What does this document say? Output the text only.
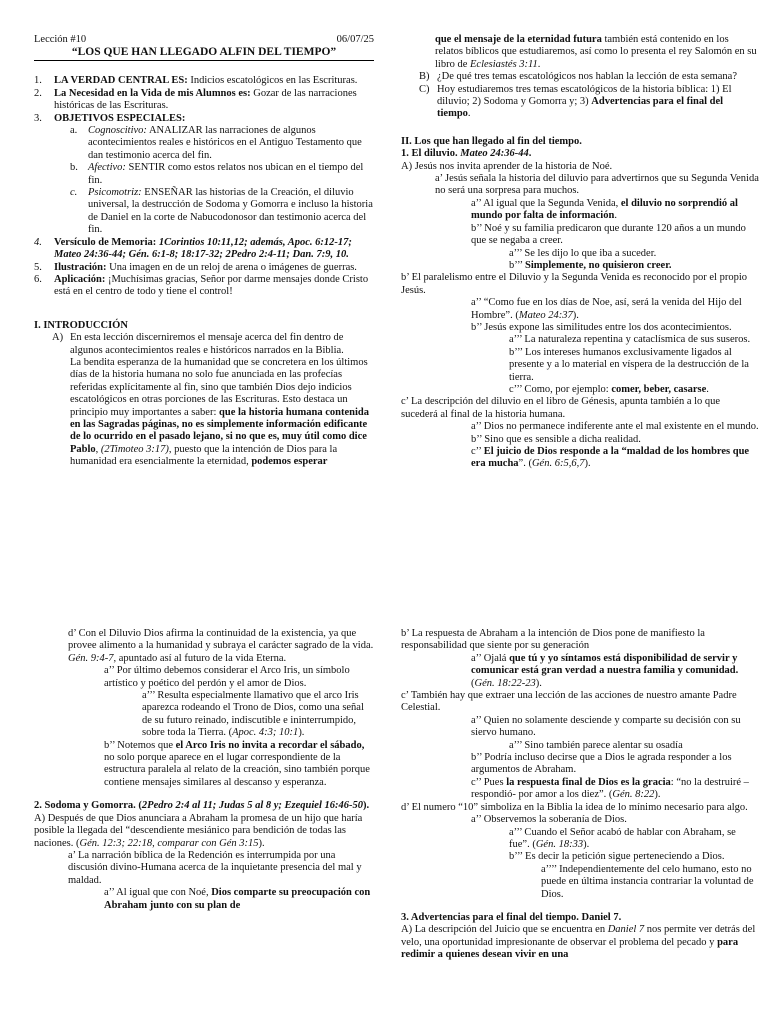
Lección #10	06/07/25
“LOS QUE HAN LLEGADO ALFIN DEL TIEMPO”
1.	LA VERDAD CENTRAL ES: Indicios escatológicos en las Escrituras.
2.	La Necesidad en la Vida de mis Alumnos es: Gozar de las narraciones históricas de las Escrituras.
3.	OBJETIVOS ESPECIALES:
a.	Cognoscitivo: ANALIZAR las narraciones de algunos acontecimientos reales e históricos en el Antiguo Testamento que dan testimonio acerca del fin.
b. Afectivo: SENTIR como estos relatos nos ubican en el tiempo del fin.
c.	Psicomotriz: ENSEÑAR las historias de la Creación, el diluvio universal, la destrucción de Sodoma y Gomorra e incluso la historia de Daniel en la corte de Nabucodonosor dan testimonio acerca del fin.
4.	Versículo de Memoria: 1Corintios 10:11,12; además, Apoc. 6:12-17; Mateo 24:36-44; Gén. 6:1-8; 18:17-32; 2Pedro 2:4-11; Dan. 7:9, 10.
5.	Ilustración: Una imagen en de un reloj de arena o imágenes de guerras.
6.	Aplicación: ¡Muchísimas gracias, Señor por darme mensajes donde Cristo está en el centro de todo y tiene el control!
I. INTRODUCCIÓN
A) En esta lección discerniremos el mensaje acerca del fin dentro de algunos acontecimientos reales e históricos narrados en la Biblia.
La bendita esperanza de la humanidad que se concretera en los últimos días de la historia humana no solo fue anunciada en las profecías referidas explícitamente al fin, sino que también Dios dejo indicios escatológicos en otras porciones de las Escrituras. Esto destaca un principio muy importantes a saber: que la historia humana contenida en las Sagradas páginas, no es simplemente información edificante de lo ocurrido en el pasado lejano, si no que es, muy útil como dice Pablo, (2Timoteo 3:17), puesto que la intención de Dios para la humanidad era esencialmente la eternidad, podemos esperar
que el mensaje de la eternidad futura también está contenido en los relatos bíblicos que estudiaremos, así como lo presenta el rey Salomón en su libro de Eclesiastés 3:11.
B) ¿De qué tres temas escatológicos nos hablan la lección de esta semana?
C) Hoy estudiaremos tres temas escatológicos de la historia bíblica: 1) El diluvio; 2) Sodoma y Gomorra y; 3) Advertencias para el final del tiempo.
II. Los que han llegado al fin del tiempo.
1. El diluvio. Mateo 24:36-44.
A) Jesús nos invita aprender de la historia de Noé.
a’ Jesús señala la historia del diluvio para advertirnos que su Segunda Venida no será una sorpresa para muchos.
a’’ Al igual que la Segunda Venida, el diluvio no sorprendió al mundo por falta de información.
b’’ Noé y su familia predicaron que durante 120 años a un mundo que se negaba a creer.
a’’’ Se les dijo lo que iba a suceder.
b’’’ Simplemente, no quisieron creer.
b’ El paralelismo entre el Diluvio y la Segunda Venida es reconocido por el propio Jesús.
a’’ “Como fue en los días de Noe, así, será la venida del Hijo del Hombre”. (Mateo 24:37).
b’’ Jesús expone las similitudes entre los dos acontecimientos.
a’’’ La naturaleza repentina y cataclísmica de sus suseros.
b’’’ Los intereses humanos exclusivamente ligados al presente y a lo material en víspera de la destrucción de la tierra.
c’’’ Como, por ejemplo: comer, beber, casarse.
c’ La descripción del diluvio en el libro de Génesis, apunta también a lo que sucederá al final de la historia humana.
a’’ Dios no permanece indiferente ante el mal existente en el mundo.
b’’ Sino que es sensible a dicha realidad.
c’’ El juicio de Dios responde a la “maldad de los hombres que era mucha”. (Gén. 6:5,6,7).
d’ Con el Diluvio Dios afirma la continuidad de la existencia, ya que provee alimento a la humanidad y subraya el carácter sagrado de la vida. Gén. 9:4-7, apuntado así al futuro de la vida Eterna.
a’’ Por último debemos considerar el Arco Iris, un símbolo artístico y poético del perdón y el amor de Dios.
a’’’ Resulta especialmente llamativo que el arco Iris aparezca rodeando el Trono de Dios, como una señal de su futuro reinado, indiscutible e ininterrumpido, sobre toda la Tierra. (Apoc. 4:3; 10:1).
b’’ Notemos que el Arco Iris no invita a recordar el sábado, no solo porque aparece en el lugar correspondiente de la estructura paralela al relato de la creación, sino también porque contiene mensajes similares al descanso y esperanza.
2. Sodoma y Gomorra. (2Pedro 2:4 al 11; Judas 5 al 8 y; Ezequiel 16:46-50).
A) Después de que Dios anunciara a Abraham la promesa de un hijo que haría posible la llegada del “descendiente mesiánico para bendición de todas las naciones. (Gén. 12:3; 22:18, comparar con Gén 3:15).
a’ La narración bíblica de la Redención es interrumpida por una discusión divino-Humana acerca de la inquietante presencia del mal y maldad.
a’’ Al igual que con Noé, Dios comparte su preocupación con Abraham junto con su plan de
b’ La respuesta de Abraham a la intención de Dios pone de manifiesto la responsabilidad que siente por su generación
a’’ Ojalá que tú y yo síntamos está disponibilidad de servir y comunicar está gran verdad a nuestra familia y comunidad. (Gén. 18:22-23).
c’ También hay que extraer una lección de las acciones de nuestro amante Padre Celestial.
a’’ Quien no solamente desciende y comparte su decisión con su siervo humano.
a’’’ Sino también parece alentar su osadía
b’’ Podría incluso decirse que a Dios le agrada responder a los argumentos de Abraham.
c’’ Pues la respuesta final de Dios es la gracia: “no la destruiré – respondió- por amor a los diez”. (Gén. 8:22).
d’ El numero “10” simboliza en la Biblia la idea de lo mínimo necesario para algo.
a’’ Observemos la soberanía de Dios.
a’’’ Cuando el Señor acabó de hablar con Abraham, se fue”. (Gén. 18:33).
b’’’ Es decir la petición sigue perteneciendo a Dios.
a’’’’ Independientemente del celo humano, esto no puede en última instancia contrariar la voluntad de Dios.
3. Advertencias para el final del tiempo. Daniel 7.
A) La descripción del Juicio que se encuentra en Daniel 7 nos permite ver detrás del velo, una oportunidad impresionante de observar el problema del pecado y para redimir a quienes desean vivir en una
